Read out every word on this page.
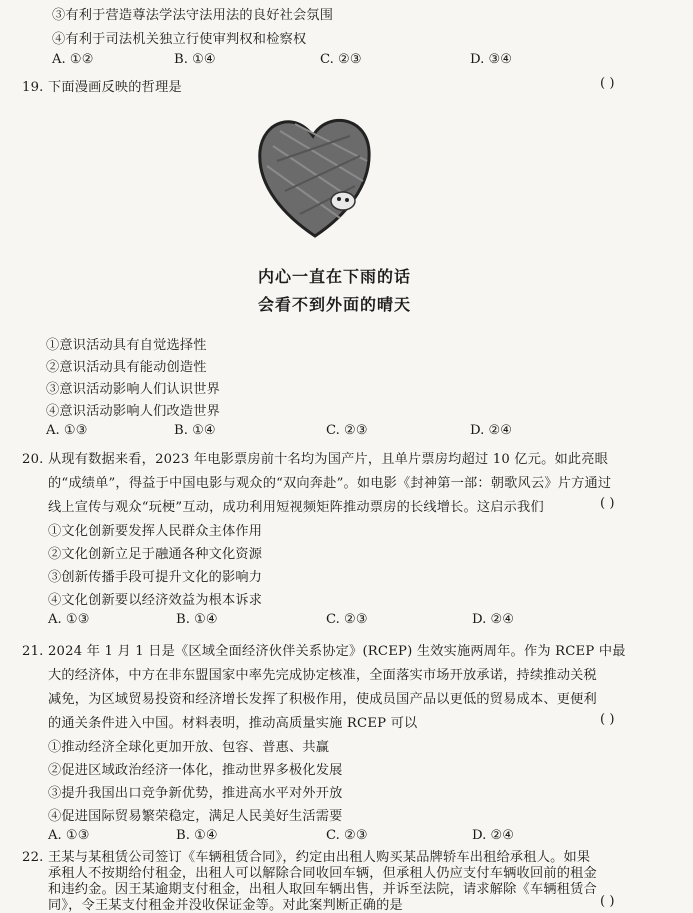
③有利于营造尊法学法守法用法的良好社会氛围
④有利于司法机关独立行使审判权和检察权
A. ①②	B. ①④	C. ②③	D. ③④
19. 下面漫画反映的哲理是	( )
内心一直在下雨的话
会看不到外面的晴天
①意识活动具有自觉选择性
②意识活动具有能动创造性
③意识活动影响人们认识世界
④意识活动影响人们改造世界
A. ①③	B. ①④	C. ②③	D. ②④
20. 从现有数据来看，2023 年电影票房前十名均为国产片，且单片票房均超过 10 亿元。如此亮眼
的“成绩单”，得益于中国电影与观众的“双向奔赴”。如电影《封神第一部：朝歌风云》片方通过
线上宣传与观众“玩梗”互动，成功利用短视频矩阵推动票房的长线增长。这启示我们	( )
①文化创新要发挥人民群众主体作用
②文化创新立足于融通各种文化资源
③创新传播手段可提升文化的影响力
④文化创新要以经济效益为根本诉求
A. ①③	B. ①④	C. ②③	D. ②④
21. 2024 年 1 月 1 日是《区域全面经济伙伴关系协定》(RCEP) 生效实施两周年。作为 RCEP 中最
大的经济体，中方在非东盟国家中率先完成协定核准，全面落实市场开放承诺，持续推动关税
减免，为区域贸易投资和经济增长发挥了积极作用，使成员国产品以更低的贸易成本、更便利
的通关条件进入中国。材料表明，推动高质量实施 RCEP 可以	( )
①推动经济全球化更加开放、包容、普惠、共赢
②促进区域政治经济一体化，推动世界多极化发展
③提升我国出口竞争新优势，推进高水平对外开放
④促进国际贸易繁荣稳定，满足人民美好生活需要
A. ①③	B. ①④	C. ②③	D. ②④
22. 王某与某租赁公司签订《车辆租赁合同》，约定由出租人购买某品牌轿车出租给承租人。如果
承租人不按期给付租金，出租人可以解除合同收回车辆，但承租人仍应支付车辆收回前的租金
和违约金。因王某逾期支付租金，出租人取回车辆出售，并诉至法院，请求解除《车辆租赁合
同》，令王某支付租金并没收保证金等。对此案判断正确的是	( )
